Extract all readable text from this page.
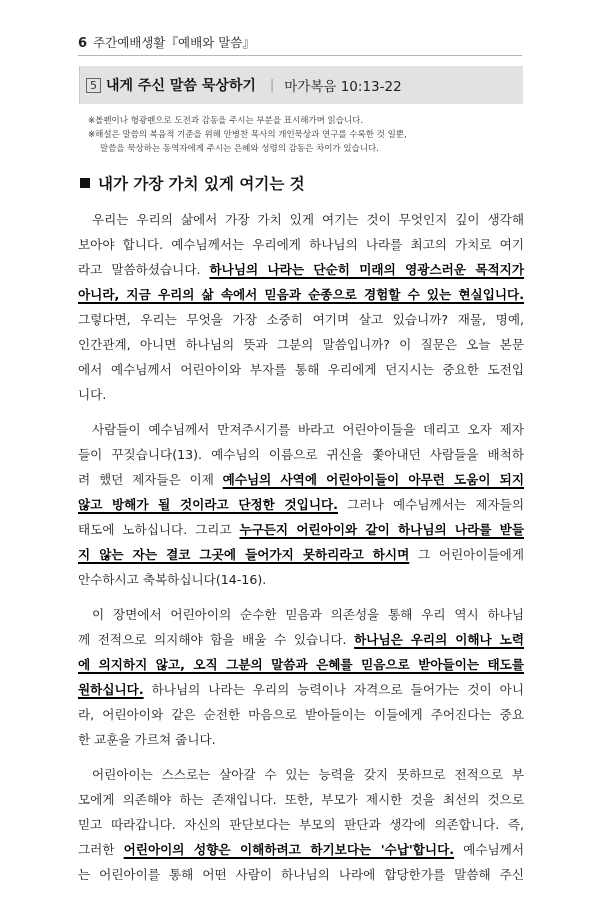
6 주간예배생활『예배와 말씀』
5 내게 주신 말씀 묵상하기 | 마가복음 10:13-22
※볼펜이나 형광펜으로 도전과 감동을 주시는 부분을 표시해가며 읽습니다.
※해설은 말씀의 복음적 기준을 위해 안병찬 목사의 개인묵상과 연구를 수록한 것 일뿐,
말씀을 묵상하는 동역자에게 주시는 은혜와 성령의 감동은 차이가 있습니다.
내가 가장 가치 있게 여기는 것

우리는 우리의 삶에서 가장 가치 있게 여기는 것이 무엇인지 깊이 생각해
보아야 합니다. 예수님께서는 우리에게 하나님의 나라를 최고의 가치로 여기
라고 말씀하셨습니다. 하나님의 나라는 단순히 미래의 영광스러운 목적지가
아니라, 지금 우리의 삶 속에서 믿음과 순종으로 경험할 수 있는 현실입니다.
그렇다면, 우리는 무엇을 가장 소중히 여기며 살고 있습니까? 재물, 명예,
인간관계, 아니면 하나님의 뜻과 그분의 말씀입니까? 이 질문은 오늘 본문
에서 예수님께서 어린아이와 부자를 통해 우리에게 던지시는 중요한 도전입
니다.

사람들이 예수님께서 만져주시기를 바라고 어린아이들을 데리고 오자 제자
들이 꾸짖습니다(13). 예수님의 이름으로 귀신을 쫓아내던 사람들을 배척하
려 했던 제자들은 이제 예수님의 사역에 어린아이들이 아무런 도움이 되지
않고 방해가 될 것이라고 단정한 것입니다. 그러나 예수님께서는 제자들의
태도에 노하십니다. 그리고 누구든지 어린아이와 같이 하나님의 나라를 받들
지 않는 자는 결코 그곳에 들어가지 못하리라고 하시며 그 어린아이들에게
안수하시고 축복하십니다(14-16).

이 장면에서 어린아이의 순수한 믿음과 의존성을 통해 우리 역시 하나님
께 전적으로 의지해야 함을 배울 수 있습니다. 하나님은 우리의 이해나 노력
에 의지하지 않고, 오직 그분의 말씀과 은혜를 믿음으로 받아들이는 태도를
원하십니다. 하나님의 나라는 우리의 능력이나 자격으로 들어가는 것이 아니
라, 어린아이와 같은 순전한 마음으로 받아들이는 이들에게 주어진다는 중요
한 교훈을 가르쳐 줍니다.

어린아이는 스스로는 살아갈 수 있는 능력을 갖지 못하므로 전적으로 부
모에게 의존해야 하는 존재입니다. 또한, 부모가 제시한 것을 최선의 것으로
믿고 따라갑니다. 자신의 판단보다는 부모의 판단과 생각에 의존합니다. 즉,
그러한 어린아이의 성향은 이해하려고 하기보다는 '수납'합니다. 예수님께서
는 어린아이를 통해 어떤 사람이 하나님의 나라에 합당한가를 말씀해 주신
